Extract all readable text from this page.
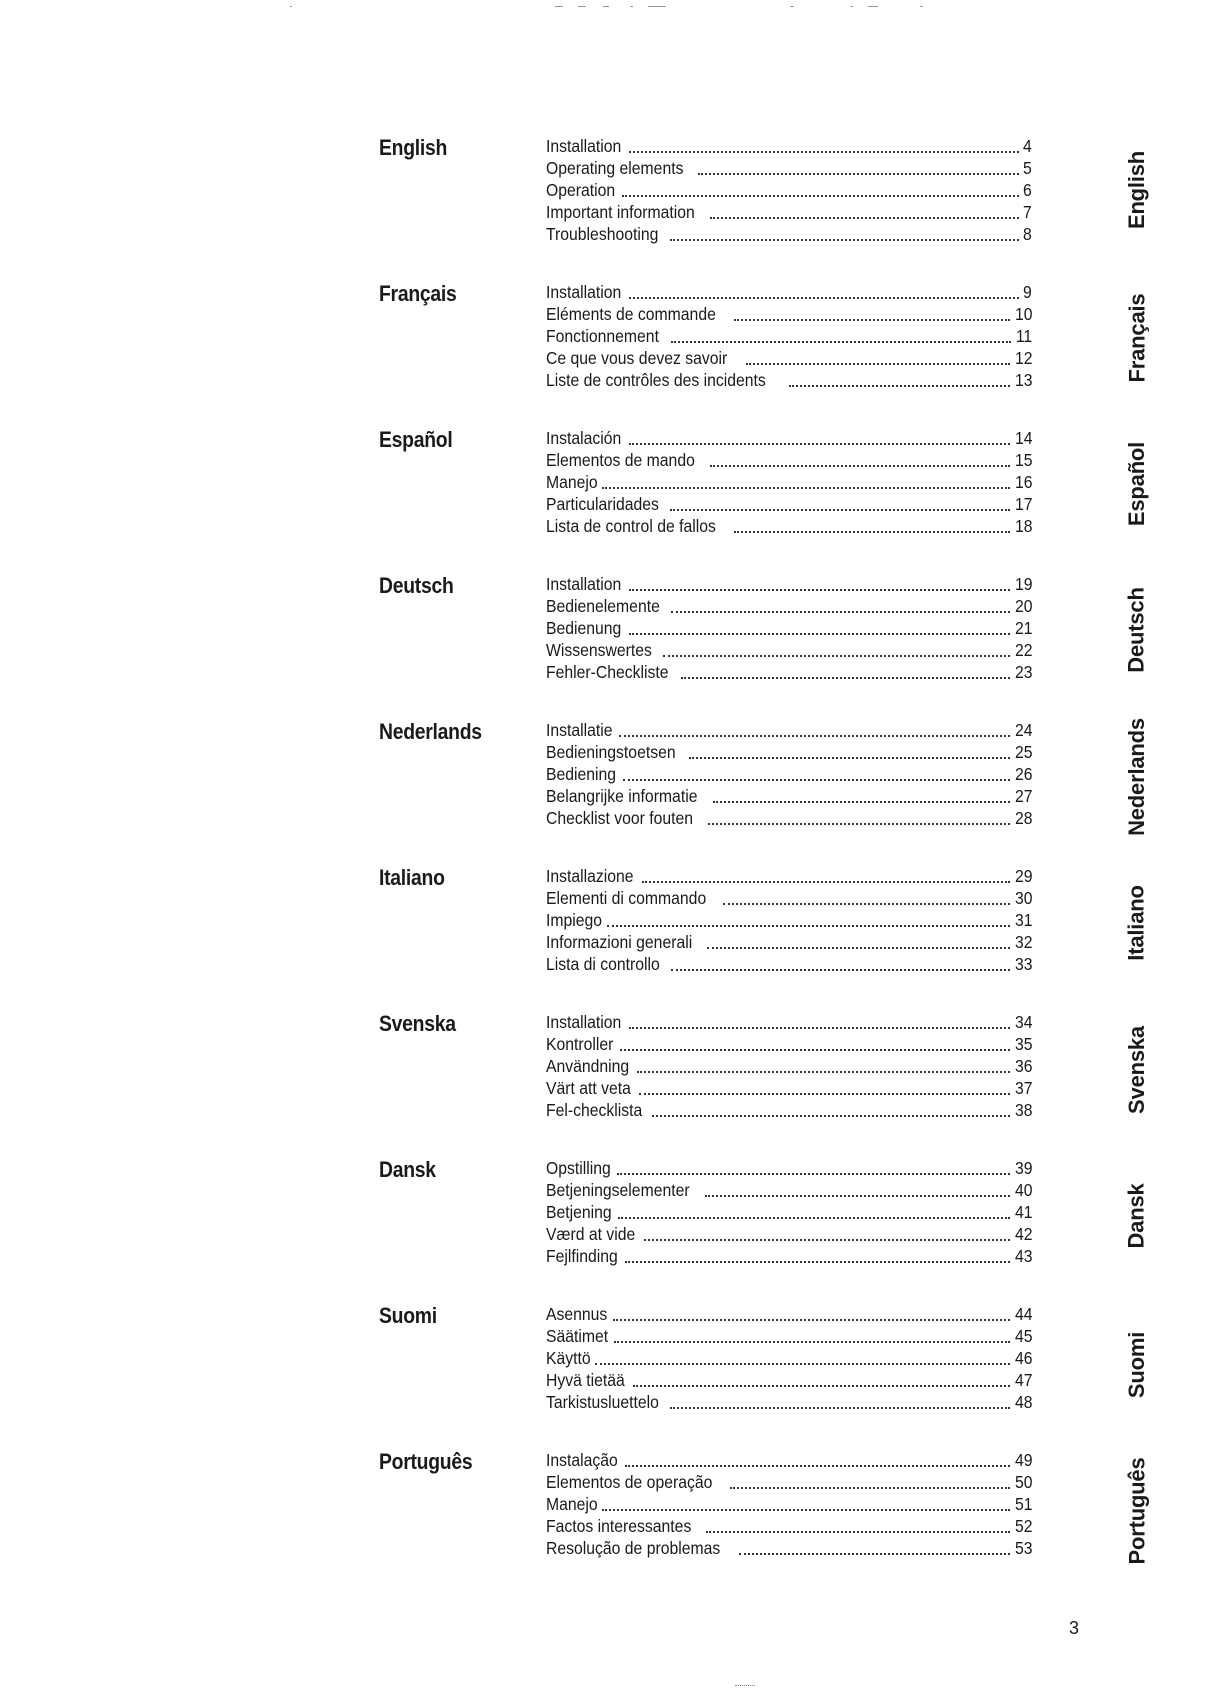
English	Installation	4
Operating elements	5
Operation	6
Important information	7
Troubleshooting	8
Français	Installation	9
Eléments de commande	10
Fonctionnement	11
Ce que vous devez savoir	12
Liste de contrôles des incidents	13
Español	Instalación	14
Elementos de mando	15
Manejo	16
Particularidades	17
Lista de control de fallos	18
Deutsch	Installation	19
Bedienelemente	20
Bedienung	21
Wissenswertes	22
Fehler-Checkliste	23
Nederlands	Installatie	24
Bedieningstoetsen	25
Bediening	26
Belangrijke informatie	27
Checklist voor fouten	28
Italiano	Installazione	29
Elementi di commando	30
Impiego	31
Informazioni generali	32
Lista di controllo	33
Svenska	Installation	34
Kontroller	35
Användning	36
Värt att veta	37
Fel-checklista	38
Dansk	Opstilling	39
Betjeningselementer	40
Betjening	41
Værd at vide	42
Fejlfinding	43
Suomi	Asennus	44
Säätimet	45
Käyttö	46
Hyvä tietää	47
Tarkistusluettelo	48
Português	Instalação	49
Elementos de operação	50
Manejo	51
Factos interessantes	52
Resolução de problemas	53
3
English
Français
Español
Deutsch
Nederlands
Italiano
Svenska
Dansk
Suomi
Português
